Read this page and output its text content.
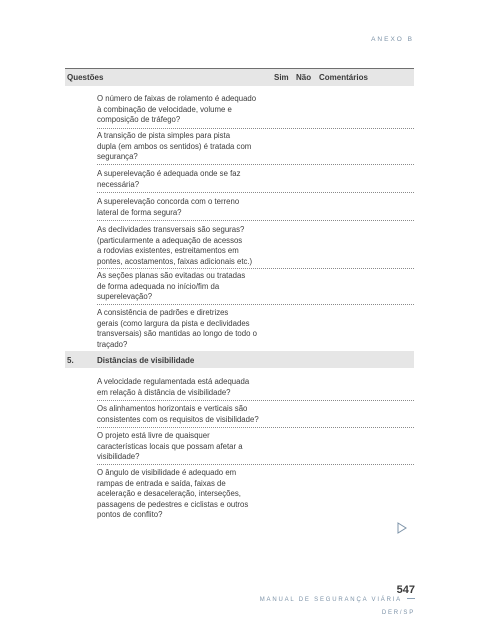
ANEXO B
Questões	Sim Não Comentários
O número de faixas de rolamento é adequado
à combinação de velocidade, volume e
composição de tráfego?
A transição de pista simples para pista
dupla (em ambos os sentidos) é tratada com
segurança?
A superelevação é adequada onde se faz
necessária?
A superelevação concorda com o terreno
lateral de forma segura?
As declividades transversais são seguras?
(particularmente a adequação de acessos
a rodovias existentes, estreitamentos em
pontes, acostamentos, faixas adicionais etc.)
As seções planas são evitadas ou tratadas
de forma adequada no início/fim da
superelevação?
A consistência de padrões e diretrizes
gerais (como largura da pista e declividades
transversais) são mantidas ao longo de todo o
traçado?
5.	Distâncias de visibilidade
A velocidade regulamentada está adequada
em relação à distância de visibilidade?
Os alinhamentos horizontais e verticais são
consistentes com os requisitos de visibilidade?
O projeto está livre de quaisquer
características locais que possam afetar a
visibilidade?
O ângulo de visibilidade é adequado em
rampas de entrada e saída, faixas de
aceleração e desaceleração, interseções,
passagens de pedestres e ciclistas e outros
pontos de conflito?
547
MANUAL DE SEGURANÇA VIÁRIA
DER/SP
